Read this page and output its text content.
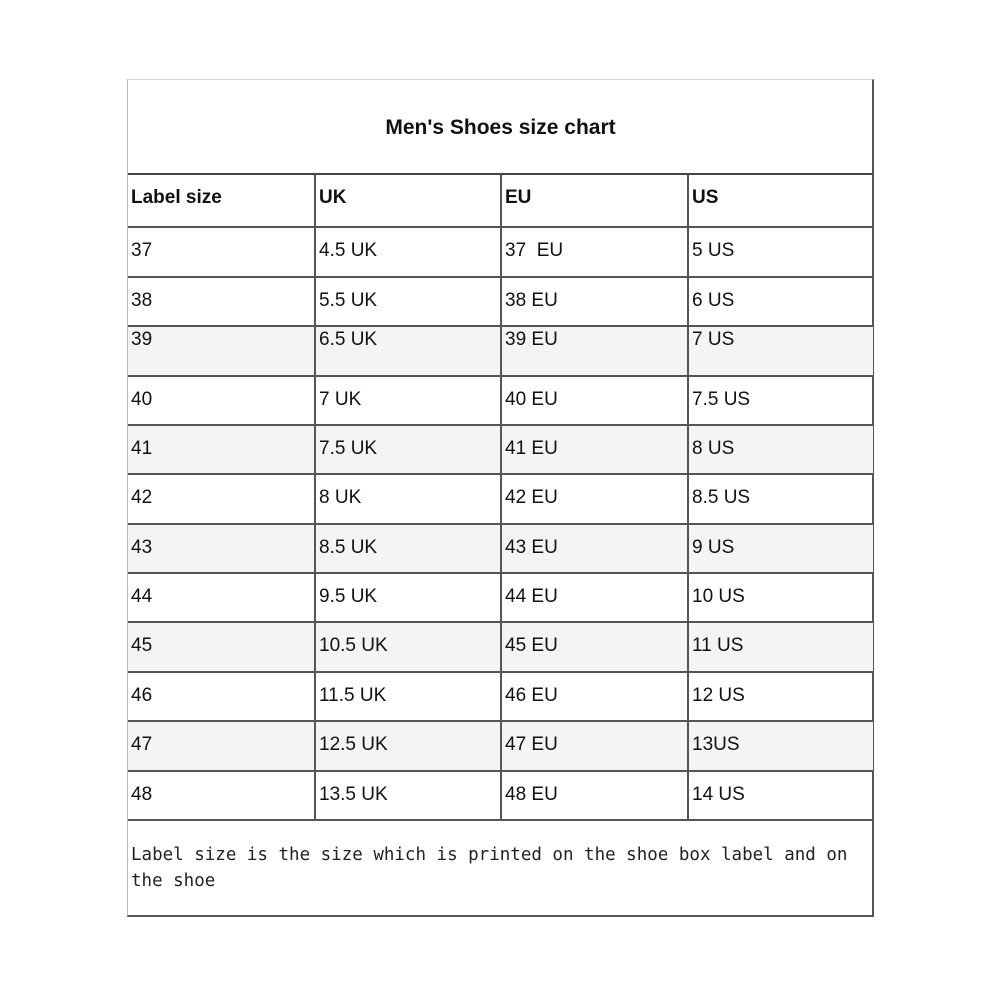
Men's Shoes size chart
Label size	UK	EU	US
37	4.5 UK	37  EU	5 US
38	5.5 UK	38 EU	6 US
39	6.5 UK	39 EU	7 US
40	7 UK	40 EU	7.5 US
41	7.5 UK	41 EU	8 US
42	8 UK	42 EU	8.5 US
43	8.5 UK	43 EU	9 US
44	9.5 UK	44 EU	10 US
45	10.5 UK	45 EU	11 US
46	11.5 UK	46 EU	12 US
47	12.5 UK	47 EU	13US
48	13.5 UK	48 EU	14 US
Label size is the size which is printed on the shoe box label and on the shoe
